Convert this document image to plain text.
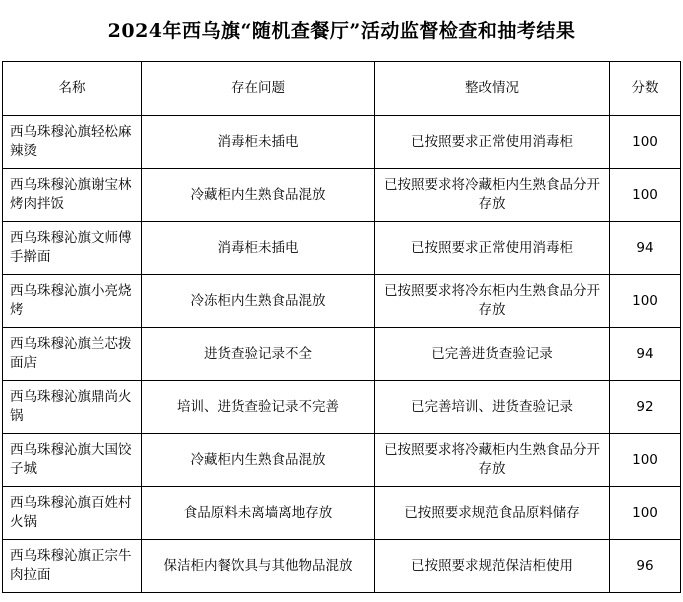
2024年西乌旗“随机查餐厅”活动监督检查和抽考结果
名称	存在问题	整改情况	分数
西乌珠穆沁旗轻松麻辣烫	消毒柜未插电	已按照要求正常使用消毒柜	100
西乌珠穆沁旗谢宝林烤肉拌饭	冷藏柜内生熟食品混放	已按照要求将冷藏柜内生熟食品分开存放	100
西乌珠穆沁旗文师傅手擀面	消毒柜未插电	已按照要求正常使用消毒柜	94
西乌珠穆沁旗小亮烧烤	冷冻柜内生熟食品混放	已按照要求将冷东柜内生熟食品分开存放	100
西乌珠穆沁旗兰芯拨面店	进货查验记录不全	已完善进货查验记录	94
西乌珠穆沁旗鼎尚火锅	培训、进货查验记录不完善	已完善培训、进货查验记录	92
西乌珠穆沁旗大国饺子城	冷藏柜内生熟食品混放	已按照要求将冷藏柜内生熟食品分开存放	100
西乌珠穆沁旗百姓村火锅	食品原料未离墙离地存放	已按照要求规范食品原料储存	100
西乌珠穆沁旗正宗牛肉拉面	保洁柜内餐饮具与其他物品混放	已按照要求规范保洁柜使用	96
